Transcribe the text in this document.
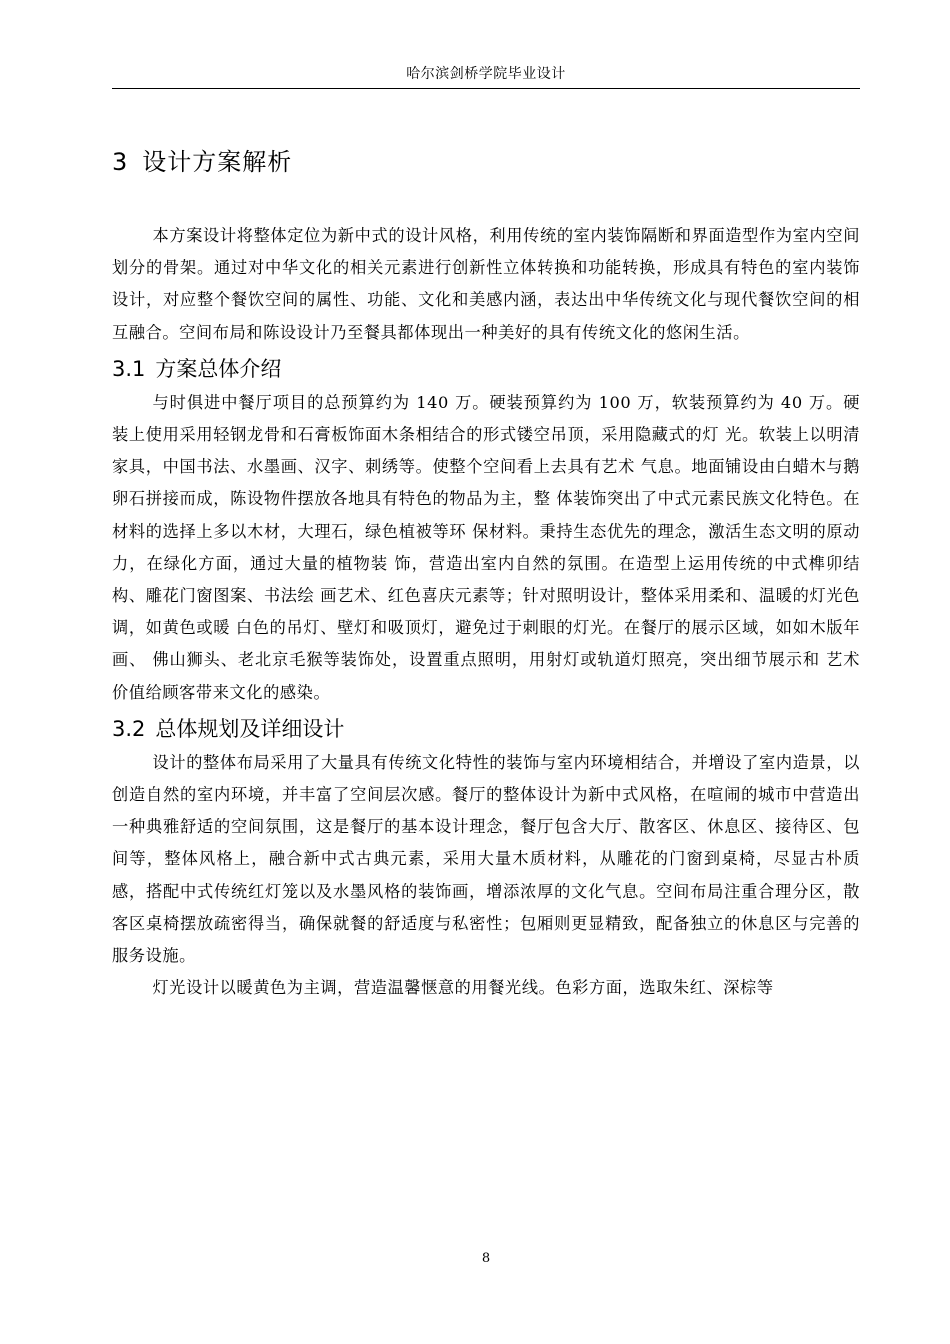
哈尔滨剑桥学院毕业设计
3 设计方案解析

本方案设计将整体定位为新中式的设计风格，利用传统的室内装饰隔断和界面造型作为室内空间划分的骨架。通过对中华文化的相关元素进行创新性立体转换和功能转换，形成具有特色的室内装饰设计，对应整个餐饮空间的属性、功能、文化和美感内涵，表达出中华传统文化与现代餐饮空间的相互融合。空间布局和陈设设计乃至餐具都体现出一种美好的具有传统文化的悠闲生活。

3.1 方案总体介绍

与时俱进中餐厅项目的总预算约为 140 万。硬装预算约为 100 万，软装预算约为 40 万。硬装上使用采用轻钢龙骨和石膏板饰面木条相结合的形式镂空吊顶，采用隐藏式的灯 光。软装上以明清家具，中国书法、水墨画、汉字、刺绣等。使整个空间看上去具有艺术 气息。地面铺设由白蜡木与鹅卵石拼接而成，陈设物件摆放各地具有特色的物品为主，整 体装饰突出了中式元素民族文化特色。在材料的选择上多以木材，大理石，绿色植被等环 保材料。秉持生态优先的理念，激活生态文明的原动力，在绿化方面，通过大量的植物装 饰，营造出室内自然的氛围。在造型上运用传统的中式榫卯结构、雕花门窗图案、书法绘 画艺术、红色喜庆元素等；针对照明设计，整体采用柔和、温暖的灯光色调，如黄色或暖 白色的吊灯、壁灯和吸顶灯，避免过于刺眼的灯光。在餐厅的展示区域，如如木版年画、 佛山狮头、老北京毛猴等装饰处，设置重点照明，用射灯或轨道灯照亮，突出细节展示和 艺术价值给顾客带来文化的感染。

3.2 总体规划及详细设计

设计的整体布局采用了大量具有传统文化特性的装饰与室内环境相结合，并增设了室内造景，以创造自然的室内环境，并丰富了空间层次感。餐厅的整体设计为新中式风格，在喧闹的城市中营造出一种典雅舒适的空间氛围，这是餐厅的基本设计理念，餐厅包含大厅、散客区、休息区、接待区、包间等，整体风格上，融合新中式古典元素，采用大量木质材料，从雕花的门窗到桌椅，尽显古朴质感，搭配中式传统红灯笼以及水墨风格的装饰画，增添浓厚的文化气息。空间布局注重合理分区，散客区桌椅摆放疏密得当，确保就餐的舒适度与私密性；包厢则更显精致，配备独立的休息区与完善的服务设施。

灯光设计以暖黄色为主调，营造温馨惬意的用餐光线。色彩方面，选取朱红、深棕等

8
